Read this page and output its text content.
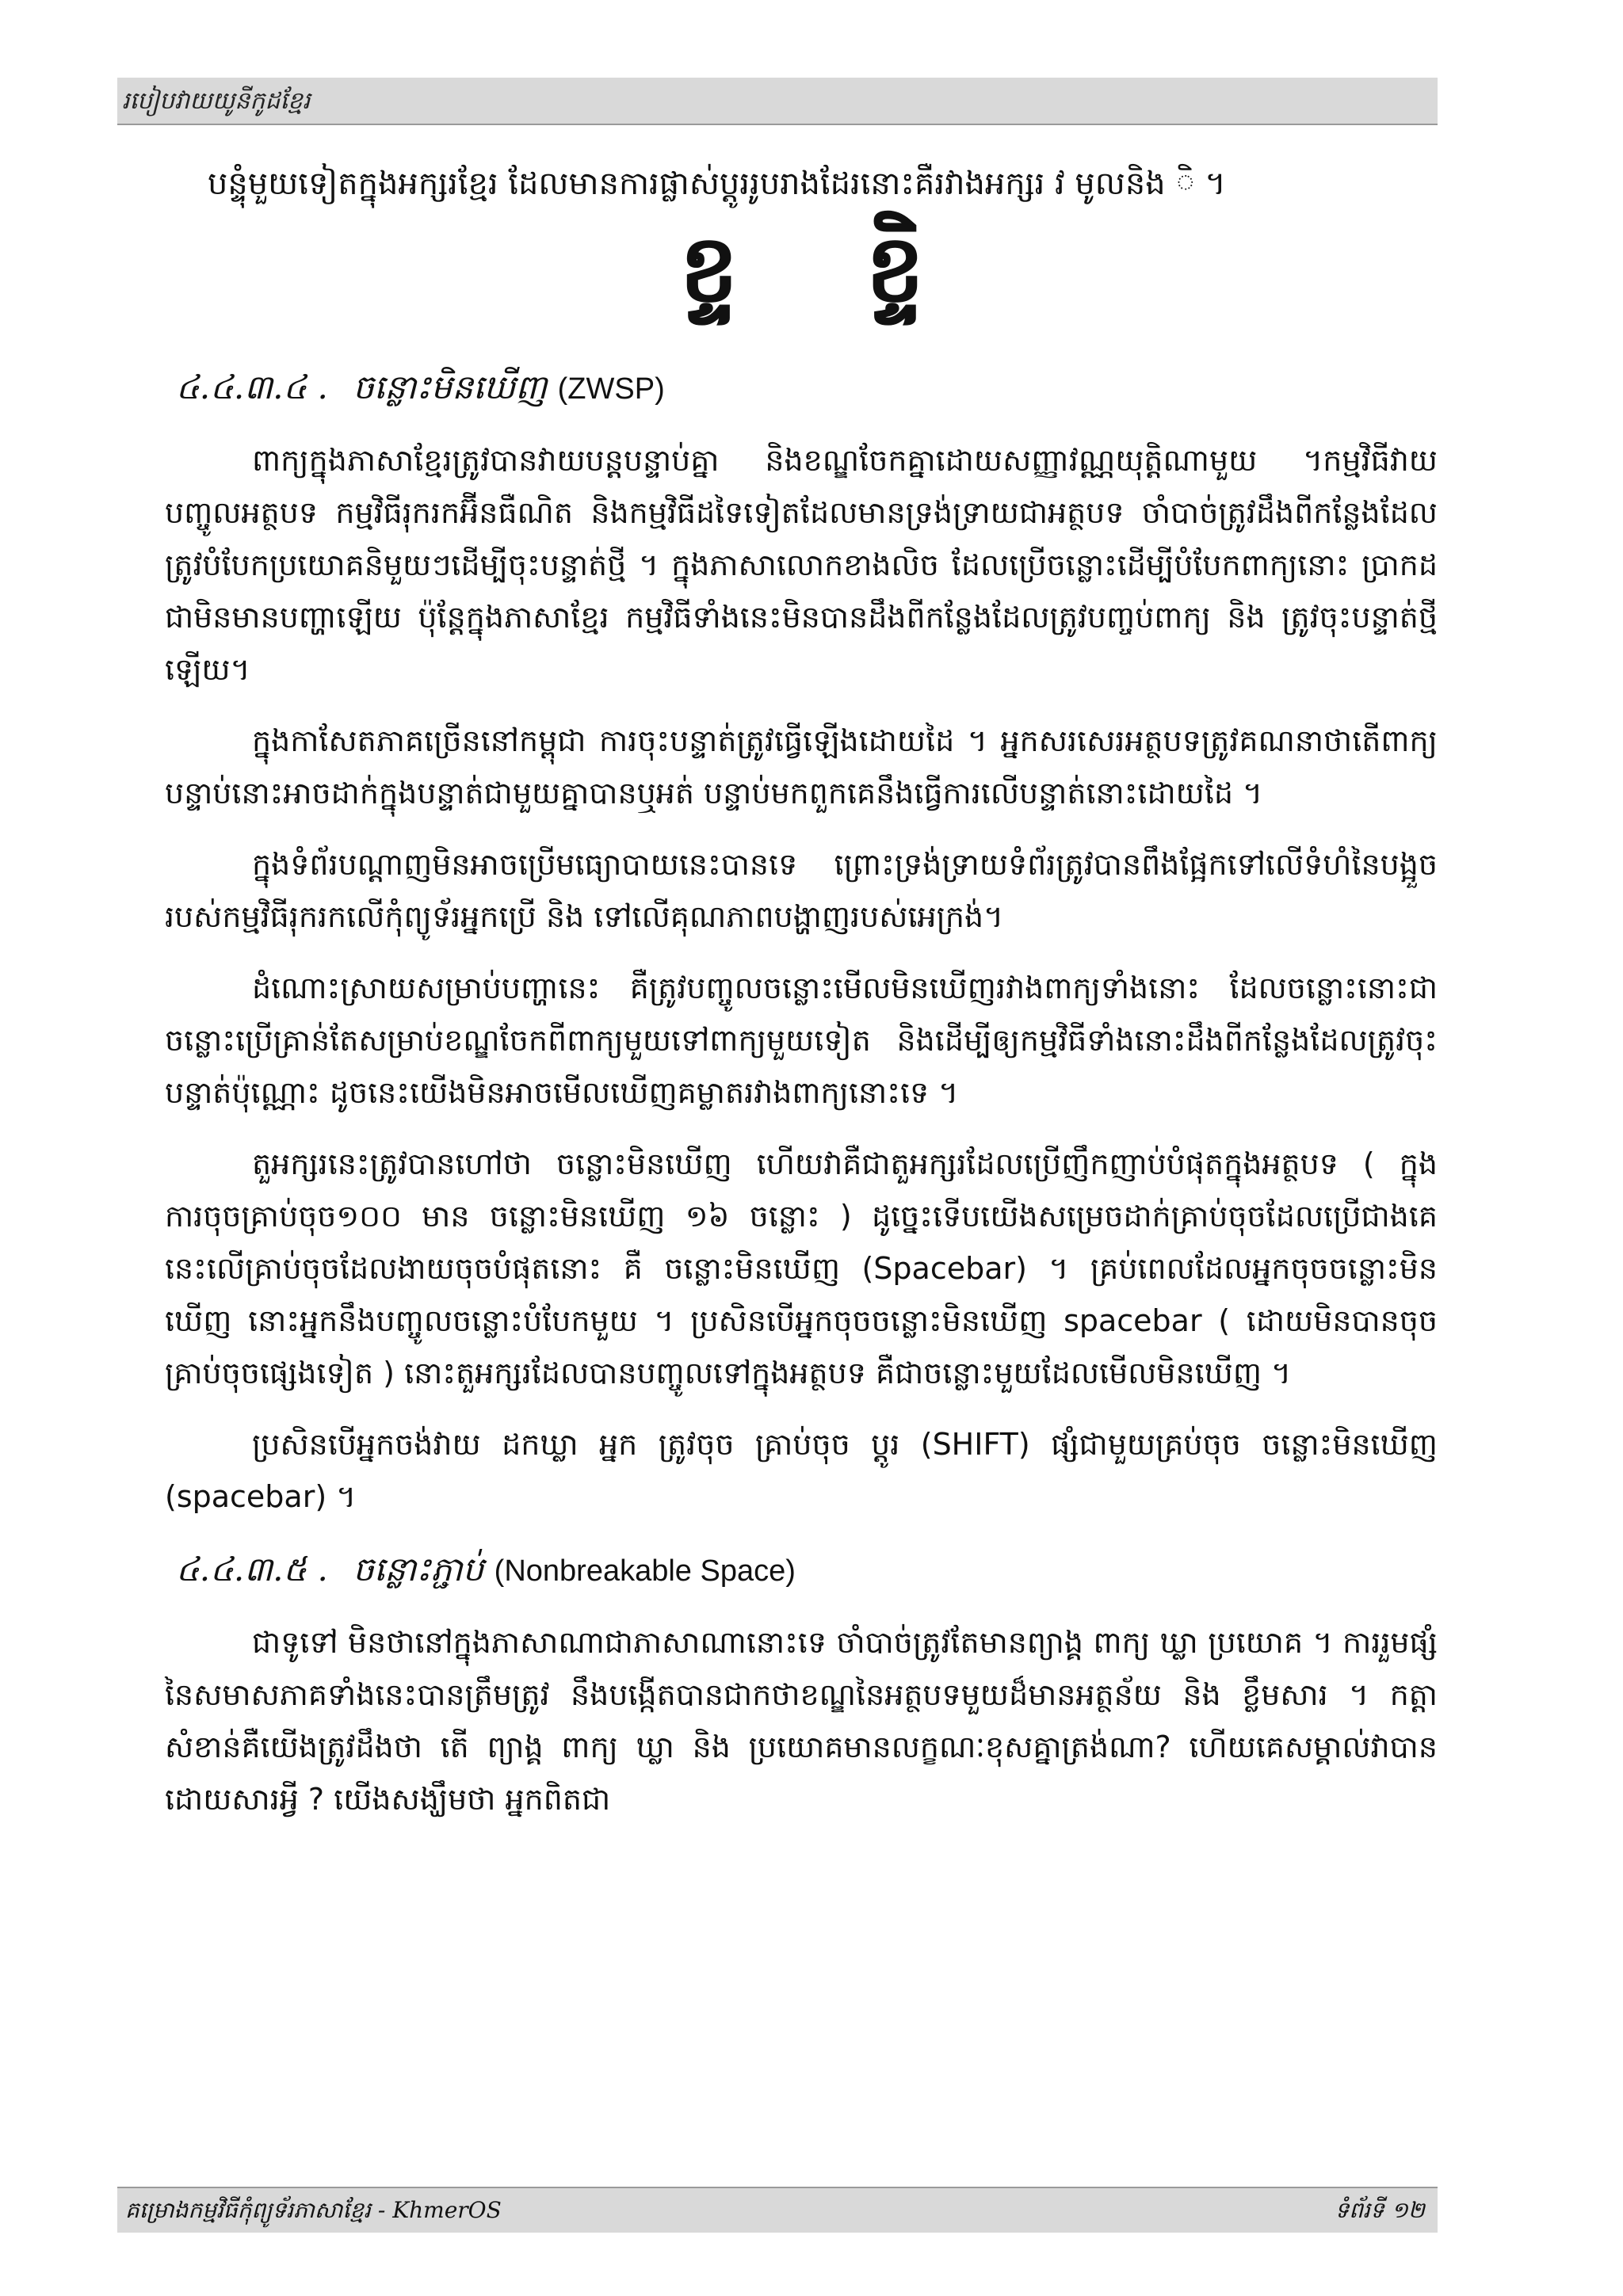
របៀបវាយយូនីកូដខ្មែរ

បន្ទុំមួយទៀតក្នុងអក្សរខ្មែរ ដែលមានការផ្លាស់ប្តូររូបរាងដែរនោះគឺរវាងអក្សរ វ មូលនិង ិ ។

ខ្ទ ខិ្ទ
៤.៤.៣.៤ . ចន្លោះមិនឃើញ (ZWSP)

ពាក្យក្នុងភាសាខ្មែរត្រូវបានវាយបន្តបន្ទាប់គ្នា និងខណ្ឌចែកគ្នាដោយសញ្ញាវណ្ណយុត្តិណាមួយ ។កម្មវិធីវាយបញ្ចូលអត្ថបទ កម្មវិធីរុករកអ៊ីនធឺណិត និងកម្មវិធីដទៃទៀតដែលមានទ្រង់ទ្រាយជាអត្ថបទ ចាំបាច់ត្រូវដឹងពីកន្លែងដែលត្រូវបំបែកប្រយោគនិមួយៗដើម្បីចុះបន្ទាត់ថ្មី ។ ក្នុងភាសាលោកខាងលិច ដែលប្រើចន្លោះដើម្បីបំបែកពាក្យនោះ ប្រាកដជាមិនមានបញ្ហាឡើយ ប៉ុន្តែក្នុងភាសាខ្មែរ កម្មវិធីទាំងនេះមិនបានដឹងពីកន្លែងដែលត្រូវបញ្ចប់ពាក្យ និង ត្រូវចុះបន្ទាត់ថ្មីឡើយ។

ក្នុងកាសែតភាគច្រើននៅកម្ពុជា ការចុះបន្ទាត់ត្រូវធ្វើឡើងដោយដៃ ។ អ្នកសរសេរអត្ថបទត្រូវគណនាថាតើពាក្យបន្ទាប់នោះអាចដាក់ក្នុងបន្ទាត់ជាមួយគ្នាបានឬអត់ បន្ទាប់មកពួកគេនឹងធ្វើការលើបន្ទាត់នោះដោយដៃ ។

ក្នុងទំព័របណ្តាញមិនអាចប្រើមធ្យោបាយនេះបានទេ ព្រោះទ្រង់ទ្រាយទំព័រត្រូវបានពឹងផ្អែកទៅលើទំហំនៃបង្អួចរបស់កម្មវិធីរុករកលើកុំព្យូទ័រអ្នកប្រើ និង ទៅលើគុណភាពបង្ហាញរបស់អេក្រង់។

ដំណោះស្រាយសម្រាប់បញ្ហានេះ គឺត្រូវបញ្ចូលចន្លោះមើលមិនឃើញរវាងពាក្យទាំងនោះ ដែលចន្លោះនោះជាចន្លោះប្រើគ្រាន់តែសម្រាប់ខណ្ឌចែកពីពាក្យមួយទៅពាក្យមួយទៀត និងដើម្បីឲ្យកម្មវិធីទាំងនោះដឹងពីកន្លែងដែលត្រូវចុះបន្ទាត់ប៉ុណ្ណោះ ដូចនេះយើងមិនអាចមើលឃើញគម្លាតរវាងពាក្យនោះទេ ។

តួអក្សរនេះត្រូវបានហៅថា ចន្លោះមិនឃើញ ហើយវាគឺជាតួអក្សរដែលប្រើញឹកញាប់បំផុតក្នុងអត្ថបទ ( ក្នុងការចុចគ្រាប់ចុច១០០ មាន ចន្លោះមិនឃើញ ១៦ ចន្លោះ ) ដូច្នេះទើបយើងសម្រេចដាក់គ្រាប់ចុចដែលប្រើជាងគេនេះលើគ្រាប់ចុចដែលងាយចុចបំផុតនោះ គឺ ចន្លោះមិនឃើញ (Spacebar) ។ គ្រប់ពេលដែលអ្នកចុចចន្លោះមិនឃើញ នោះអ្នកនឹងបញ្ចូលចន្លោះបំបែកមួយ ។ ប្រសិនបើអ្នកចុចចន្លោះមិនឃើញ spacebar ( ដោយមិនបានចុចគ្រាប់ចុចផ្សេងទៀត ) នោះតួអក្សរដែលបានបញ្ចូលទៅក្នុងអត្ថបទ គឺជាចន្លោះមួយដែលមើលមិនឃើញ ។

ប្រសិនបើអ្នកចង់វាយ ដកឃ្លា អ្នក ត្រូវចុច គ្រាប់ចុច ប្តូរ (SHIFT) ផ្សំជាមួយគ្រប់ចុច ចន្លោះមិនឃើញ (spacebar) ។

៤.៤.៣.៥ . ចន្លោះភ្ជាប់ (Nonbreakable Space)

ជាទូទៅ មិនថានៅក្នុងភាសាណាជាភាសាណានោះទេ ចាំបាច់ត្រូវតែមានព្យាង្គ ពាក្យ ឃ្លា ប្រយោគ ។ ការរួមផ្សំនៃសមាសភាគទាំងនេះបានត្រឹមត្រូវ នឹងបង្កើតបានជាកថាខណ្ឌនៃអត្ថបទមួយដ៏មានអត្ថន័យ និង ខ្លឹមសារ ។ កត្តាសំខាន់គឺយើងត្រូវដឹងថា តើ ព្យាង្គ ពាក្យ ឃ្លា និង ប្រយោគមានលក្ខណៈខុសគ្នាត្រង់ណា? ហើយគេសម្គាល់វាបានដោយសារអ្វី ? យើងសង្ឃឹមថា អ្នកពិតជា

គម្រោងកម្មវិធីកុំព្យូទ័រភាសាខ្មែរ - KhmerOS	ទំព័រទី ១២
